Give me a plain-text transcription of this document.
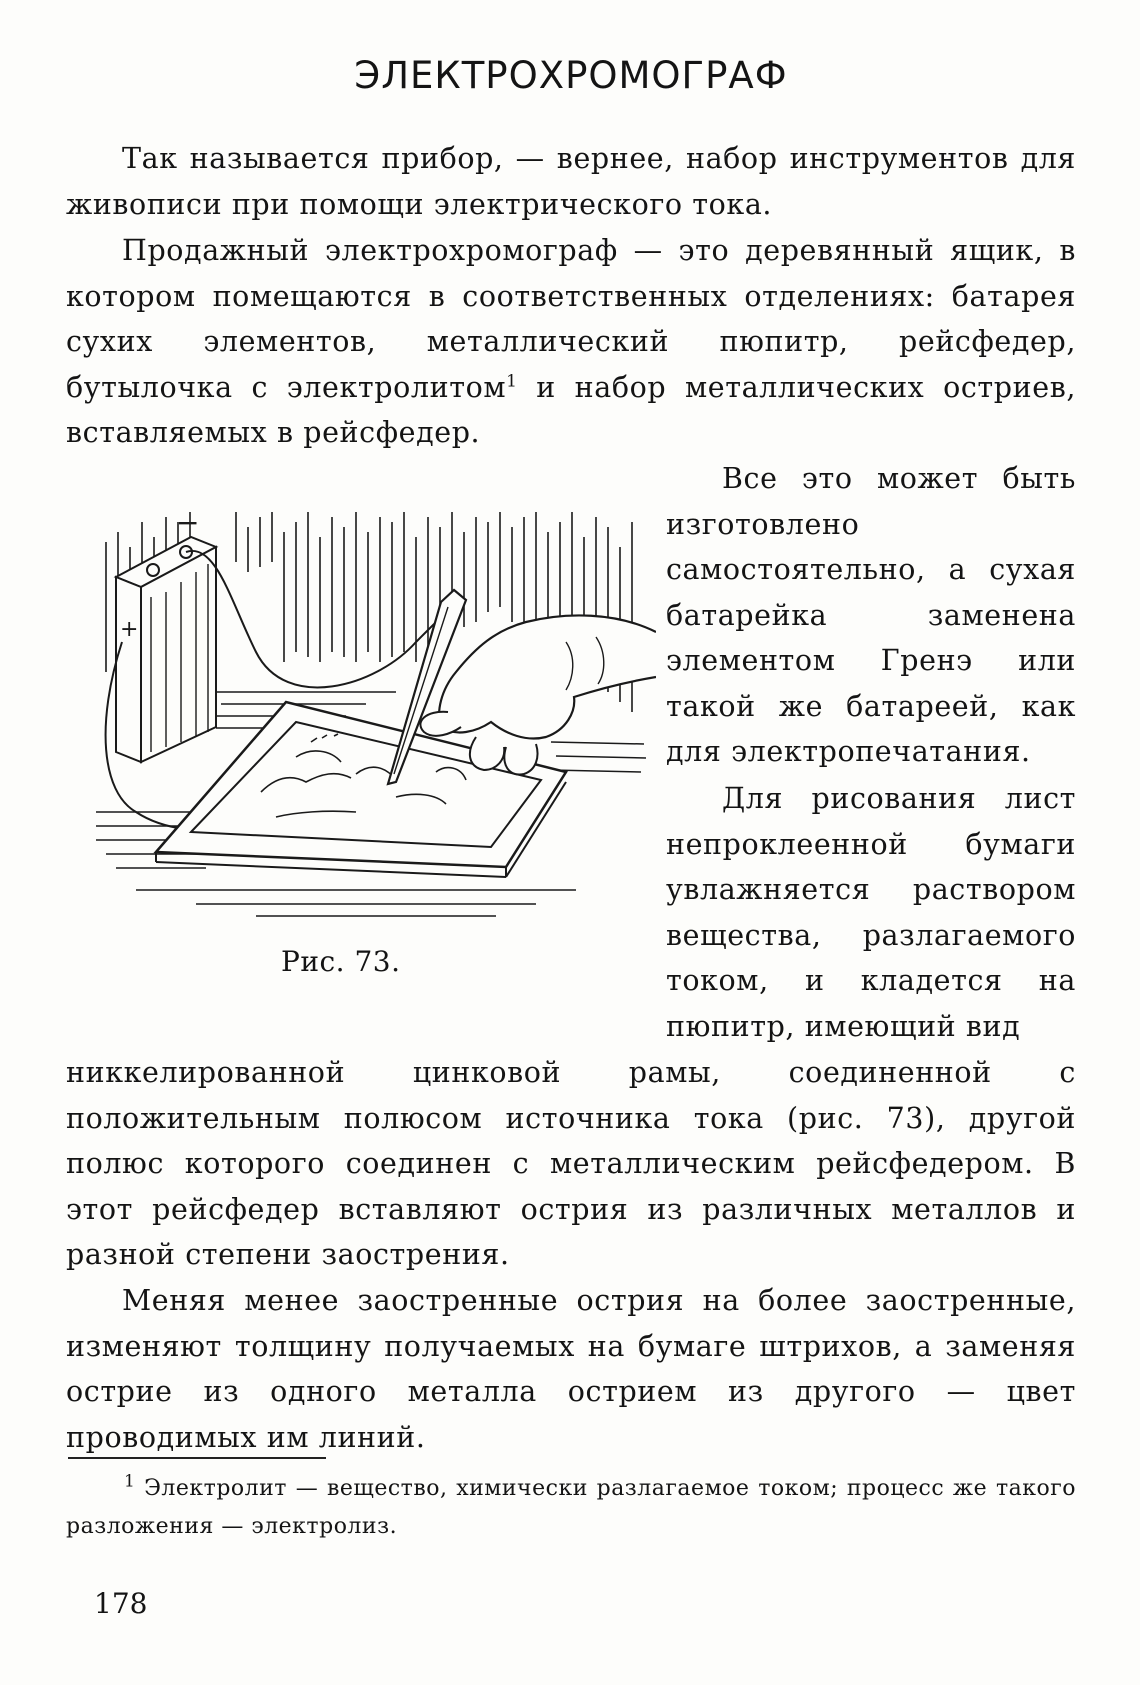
ЭЛЕКТРОХРОМОГРАФ

Так называется прибор, — вернее, набор инструментов для живописи при помощи электрического тока.

Продажный электрохромограф — это деревянный ящик, в котором помещаются в соответственных отделениях: батарея сухих элементов, металлический пюпитр, рейсфедер, бутылочка с электролитом$^1$ и набор металлических остриев, вставляемых в рейсфедер.

Все это может быть изготовлено самостоятельно, а сухая батарейка заменена элементом Гренэ или такой же батареей, как для электропечатания.

Для рисования лист непроклеенной бумаги увлажняется раствором вещества, разлагаемого током, и кладется на пюпитр, имеющий вид

никкелированной цинковой рамы, соединенной с положительным полюсом источника тока (рис. 73), другой полюс которого соединен с металлическим рейсфедером. В этот рейсфедер вставляют острия из различных металлов и разной степени заострения.

−
+
Рис. 73.

Меняя менее заостренные острия на более заостренные, изменяют толщину получаемых на бумаге штрихов, а заменяя острие из одного металла острием из другого — цвет проводимых им линий.

$^1$ Электролит — вещество, химически разлагаемое током; процесс же такого разложения — электролиз.

178
